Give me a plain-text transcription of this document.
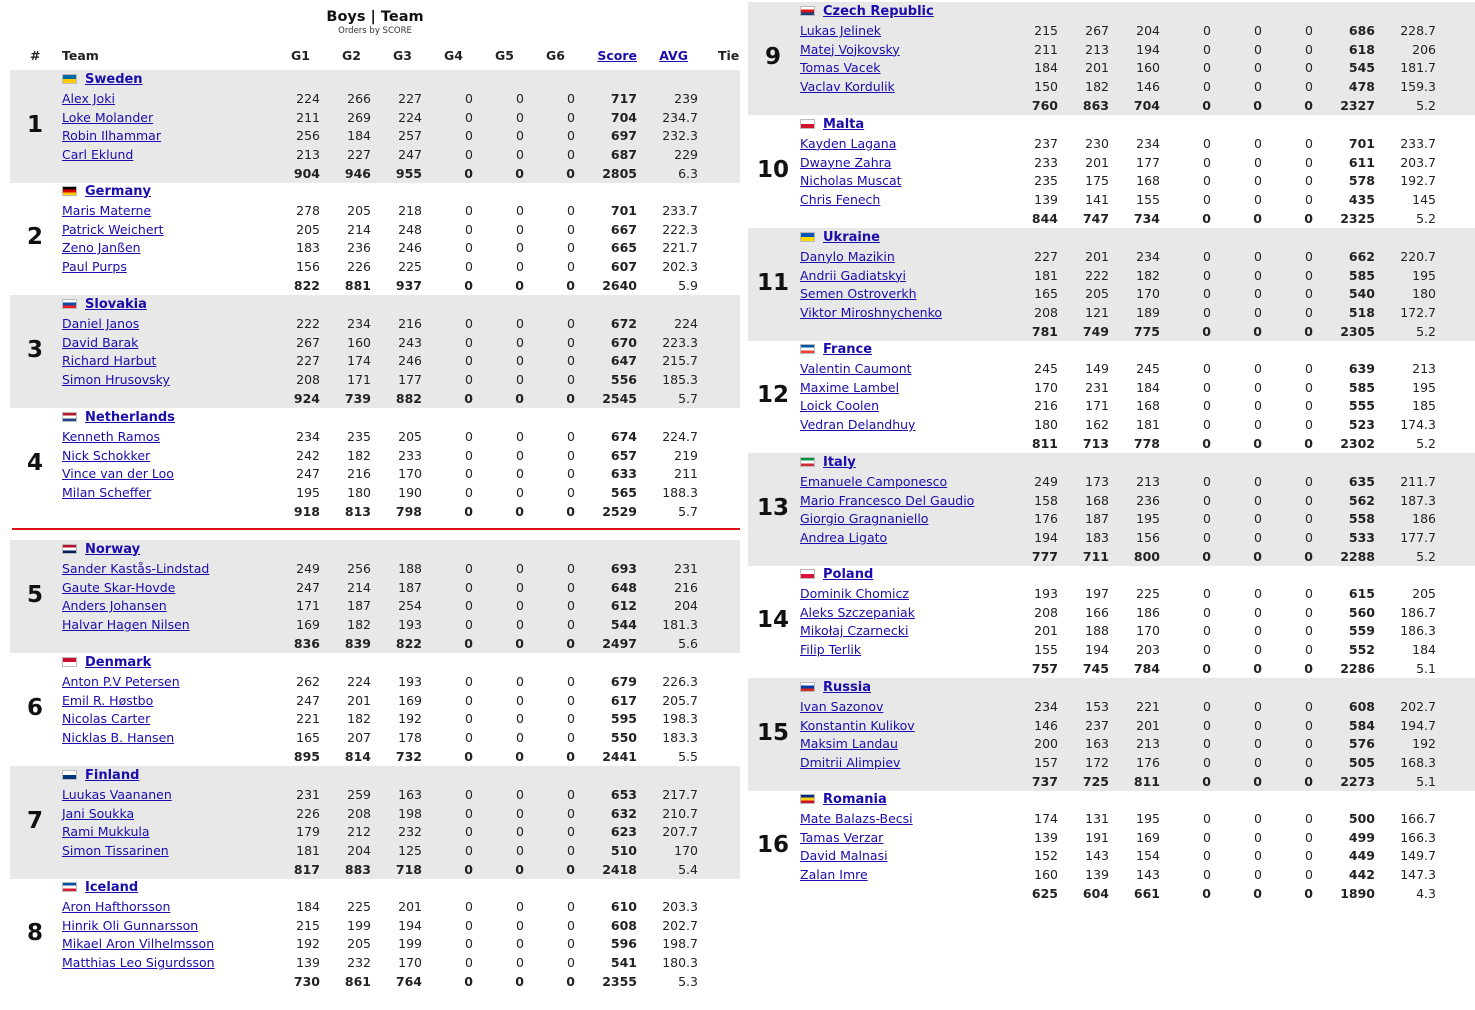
Boys | Team
Orders by SCORE
# Team	G1	G2	G3	G4	G5	G6	Score	AVG Tie
1
Sweden
Alex Joki	224	266	227	0	0	0	717	239
Loke Molander	211	269	224	0	0	0	704	234.7
Robin Ilhammar	256	184	257	0	0	0	697	232.3
Carl Eklund	213	227	247	0	0	0	687	229
904	946	955	0	0	0	2805	6.3
2
Germany
Maris Materne	278	205	218	0	0	0	701	233.7
Patrick Weichert	205	214	248	0	0	0	667	222.3
Zeno Janßen	183	236	246	0	0	0	665	221.7
Paul Purps	156	226	225	0	0	0	607	202.3
822	881	937	0	0	0	2640	5.9
3
Slovakia
Daniel Janos	222	234	216	0	0	0	672	224
David Barak	267	160	243	0	0	0	670	223.3
Richard Harbut	227	174	246	0	0	0	647	215.7
Simon Hrusovsky	208	171	177	0	0	0	556	185.3
924	739	882	0	0	0	2545	5.7
4
Netherlands
Kenneth Ramos	234	235	205	0	0	0	674	224.7
Nick Schokker	242	182	233	0	0	0	657	219
Vince van der Loo	247	216	170	0	0	0	633	211
Milan Scheffer	195	180	190	0	0	0	565	188.3
918	813	798	0	0	0	2529	5.7
5
Norway
Sander Kastås-Lindstad	249	256	188	0	0	0	693	231
Gaute Skar-Hovde	247	214	187	0	0	0	648	216
Anders Johansen	171	187	254	0	0	0	612	204
Halvar Hagen Nilsen	169	182	193	0	0	0	544	181.3
836	839	822	0	0	0	2497	5.6
6
Denmark
Anton P.V Petersen	262	224	193	0	0	0	679	226.3
Emil R. Høstbo	247	201	169	0	0	0	617	205.7
Nicolas Carter	221	182	192	0	0	0	595	198.3
Nicklas B. Hansen	165	207	178	0	0	0	550	183.3
895	814	732	0	0	0	2441	5.5
7
Finland
Luukas Vaananen	231	259	163	0	0	0	653	217.7
Jani Soukka	226	208	198	0	0	0	632	210.7
Rami Mukkula	179	212	232	0	0	0	623	207.7
Simon Tissarinen	181	204	125	0	0	0	510	170
817	883	718	0	0	0	2418	5.4
8
Iceland
Aron Hafthorsson	184	225	201	0	0	0	610	203.3
Hinrik Oli Gunnarsson	215	199	194	0	0	0	608	202.7
Mikael Aron Vilhelmsson	192	205	199	0	0	0	596	198.7
Matthias Leo Sigurdsson	139	232	170	0	0	0	541	180.3
730	861	764	0	0	0	2355	5.3
9
Czech Republic
Lukas Jelinek	215	267	204	0	0	0	686	228.7
Matej Vojkovsky	211	213	194	0	0	0	618	206
Tomas Vacek	184	201	160	0	0	0	545	181.7
Vaclav Kordulik	150	182	146	0	0	0	478	159.3
760	863	704	0	0	0	2327	5.2
10
Malta
Kayden Lagana	237	230	234	0	0	0	701	233.7
Dwayne Zahra	233	201	177	0	0	0	611	203.7
Nicholas Muscat	235	175	168	0	0	0	578	192.7
Chris Fenech	139	141	155	0	0	0	435	145
844	747	734	0	0	0	2325	5.2
11
Ukraine
Danylo Mazikin	227	201	234	0	0	0	662	220.7
Andrii Gadiatskyi	181	222	182	0	0	0	585	195
Semen Ostroverkh	165	205	170	0	0	0	540	180
Viktor Miroshnychenko	208	121	189	0	0	0	518	172.7
781	749	775	0	0	0	2305	5.2
12
France
Valentin Caumont	245	149	245	0	0	0	639	213
Maxime Lambel	170	231	184	0	0	0	585	195
Loick Coolen	216	171	168	0	0	0	555	185
Vedran Delandhuy	180	162	181	0	0	0	523	174.3
811	713	778	0	0	0	2302	5.2
13
Italy
Emanuele Camponesco	249	173	213	0	0	0	635	211.7
Mario Francesco Del Gaudio	158	168	236	0	0	0	562	187.3
Giorgio Gragnaniello	176	187	195	0	0	0	558	186
Andrea Ligato	194	183	156	0	0	0	533	177.7
777	711	800	0	0	0	2288	5.2
14
Poland
Dominik Chomicz	193	197	225	0	0	0	615	205
Aleks Szczepaniak	208	166	186	0	0	0	560	186.7
Mikołaj Czarnecki	201	188	170	0	0	0	559	186.3
Filip Terlik	155	194	203	0	0	0	552	184
757	745	784	0	0	0	2286	5.1
15
Russia
Ivan Sazonov	234	153	221	0	0	0	608	202.7
Konstantin Kulikov	146	237	201	0	0	0	584	194.7
Maksim Landau	200	163	213	0	0	0	576	192
Dmitrii Alimpiev	157	172	176	0	0	0	505	168.3
737	725	811	0	0	0	2273	5.1
16
Romania
Mate Balazs-Becsi	174	131	195	0	0	0	500	166.7
Tamas Verzar	139	191	169	0	0	0	499	166.3
David Malnasi	152	143	154	0	0	0	449	149.7
Zalan Imre	160	139	143	0	0	0	442	147.3
625	604	661	0	0	0	1890	4.3
